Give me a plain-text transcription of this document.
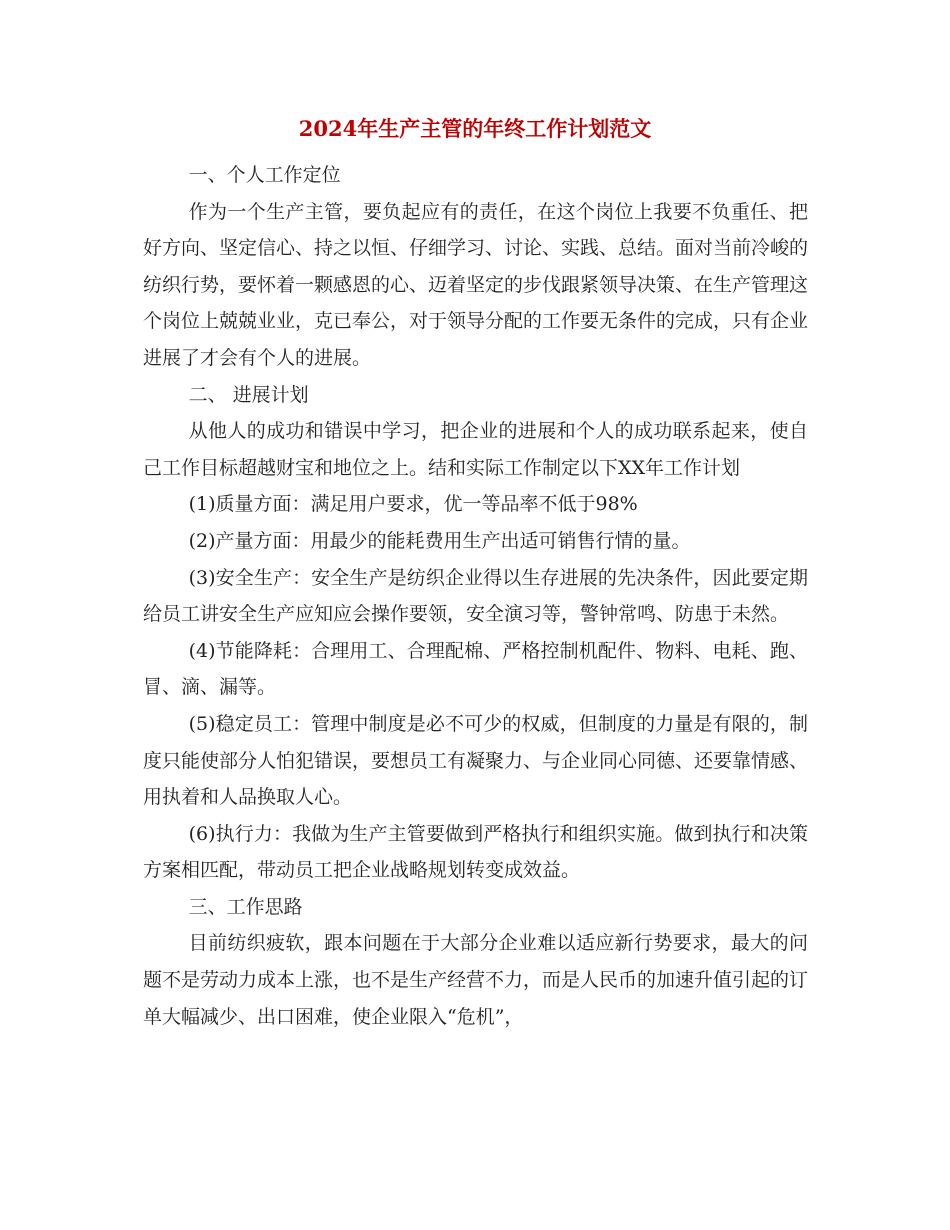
2024年生产主管的年终工作计划范文

一、个人工作定位

作为一个生产主管，要负起应有的责任，在这个岗位上我要不负重任、把好方向、坚定信心、持之以恒、仔细学习、讨论、实践、总结。面对当前冷峻的纺织行势，要怀着一颗感恩的心、迈着坚定的步伐跟紧领导决策、在生产管理这个岗位上兢兢业业，克已奉公，对于领导分配的工作要无条件的完成，只有企业进展了才会有个人的进展。

二、 进展计划

从他人的成功和错误中学习，把企业的进展和个人的成功联系起来，使自己工作目标超越财宝和地位之上。结和实际工作制定以下XX年工作计划

(1)质量方面：满足用户要求，优一等品率不低于98%

(2)产量方面：用最少的能耗费用生产出适可销售行情的量。

(3)安全生产：安全生产是纺织企业得以生存进展的先决条件，因此要定期给员工讲安全生产应知应会操作要领，安全演习等，警钟常鸣、防患于未然。

(4)节能降耗：合理用工、合理配棉、严格控制机配件、物料、电耗、跑、冒、滴、漏等。

(5)稳定员工：管理中制度是必不可少的权威，但制度的力量是有限的，制度只能使部分人怕犯错误，要想员工有凝聚力、与企业同心同德、还要靠情感、用执着和人品换取人心。

(6)执行力：我做为生产主管要做到严格执行和组织实施。做到执行和决策方案相匹配，带动员工把企业战略规划转变成效益。

三、工作思路

目前纺织疲软，跟本问题在于大部分企业难以适应新行势要求，最大的问题不是劳动力成本上涨，也不是生产经营不力，而是人民币的加速升值引起的订单大幅减少、出口困难，使企业限入“危机”，
